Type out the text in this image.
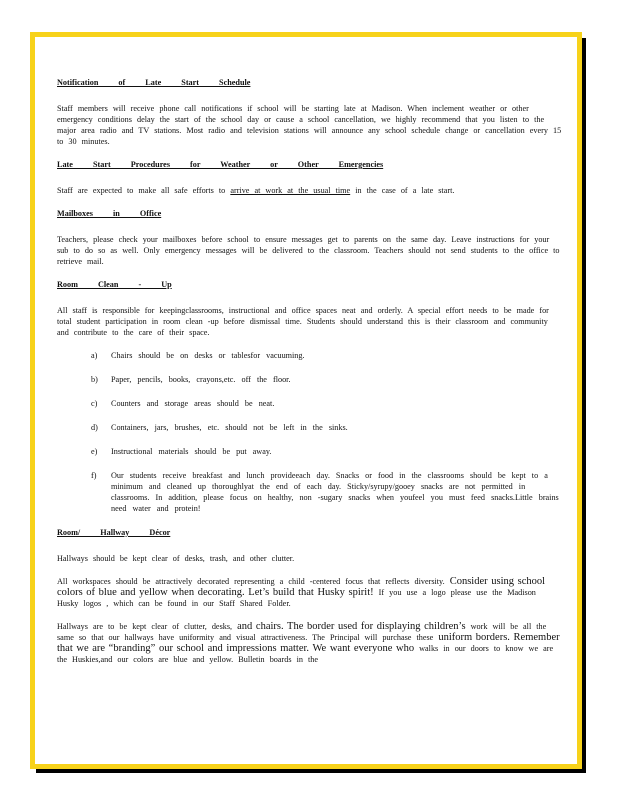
Notification of Late Start Schedule

Staff members will receive phone call notifications if school will be starting late at Madison. When inclement weather or other emergency conditions delay the start of the school day or cause a school cancellation, we highly recommend that you listen to the major area radio and TV stations. Most radio and television stations will announce any school schedule change or cancellation every 15 to 30 minutes.

Late Start Procedures for Weather or Other Emergencies

Staff are expected to make all safe efforts to arrive at work at the usual time in the case of a late start.

Mailboxes in Office

Teachers, please check your mailboxes before school to ensure messages get to parents on the same day. Leave instructions for your sub to do so as well. Only emergency messages will be delivered to the classroom. Teachers should not send students to the office to retrieve mail.

Room Clean - Up

All staff is responsible for keepingclassrooms, instructional and office spaces neat and orderly. A special effort needs to be made for total student participation in room clean -up before dismissal time. Students should understand this is their classroom and community and contribute to the care of their space.

a)	Chairs should be on desks or tablesfor vacuuming.
b)	Paper, pencils, books, crayons,etc. off the floor.
c)	Counters and storage areas should be neat.
d)	Containers, jars, brushes, etc. should not be left in the sinks.
e)	Instructional materials should be put away.
f)	Our students receive breakfast and lunch provideeach day. Snacks or food in the classrooms should be kept to a minimum and cleaned up thoroughlyat the end of each day. Sticky/syrupy/gooey snacks are not permitted in classrooms. In addition, please focus on healthy, non -sugary snacks when youfeel you must feed snacks.Little brains need water and protein!
Room/ Hallway Décor

Hallways should be kept clear of desks, trash, and other clutter.

All workspaces should be attractively decorated representing a child -centered focus that reflects diversity. Consider using school colors of blue and yellow when decorating. Let’s build that Husky spirit! If you use a logo please use the Madison Husky logos , which can be found in our Staff Shared Folder.

Hallways are to be kept clear of clutter, desks, and chairs. The border used for displaying children’s work will be all the same so that our hallways have uniformity and visual attractiveness. The Principal will purchase these uniform borders. Remember that we are “branding” our school and impressions matter. We want everyone who walks in our doors to know we are the Huskies,and our colors are blue and yellow. Bulletin boards in the
